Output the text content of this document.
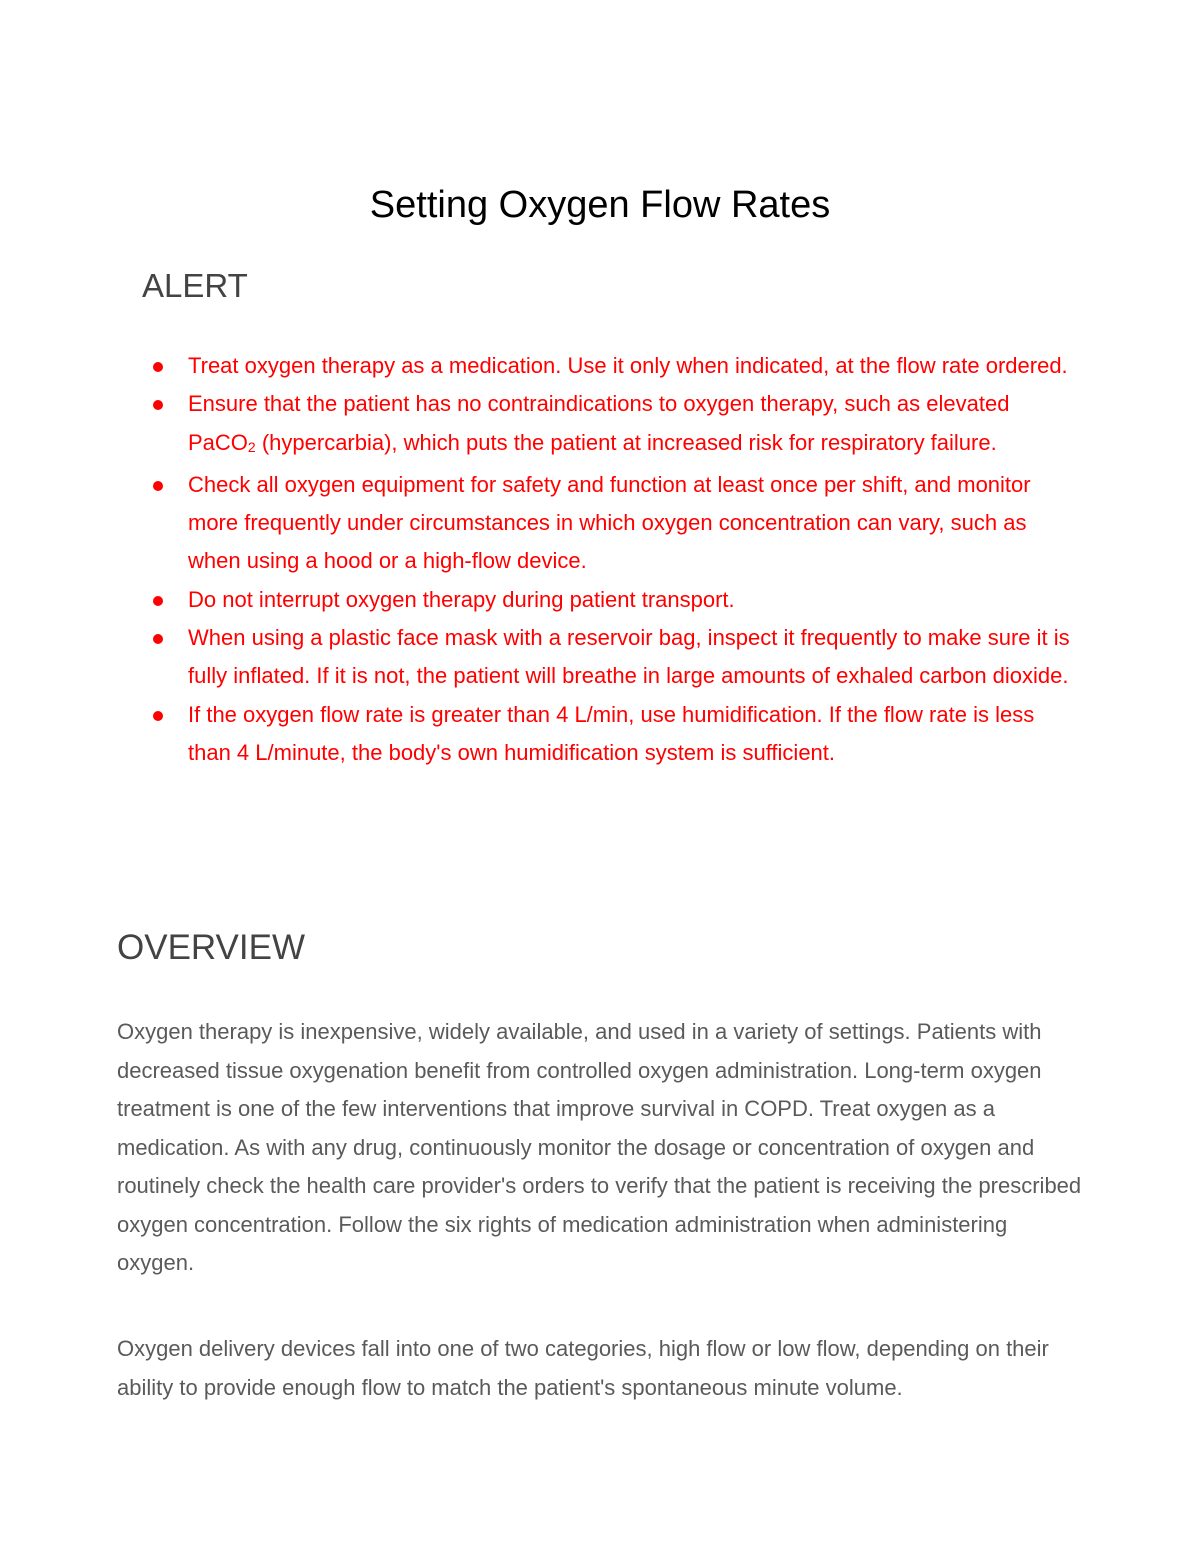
Setting Oxygen Flow Rates
ALERT
Treat oxygen therapy as a medication. Use it only when indicated, at the flow rate ordered.
Ensure that the patient has no contraindications to oxygen therapy, such as elevated PaCO2 (hypercarbia), which puts the patient at increased risk for respiratory failure.
Check all oxygen equipment for safety and function at least once per shift, and monitor more frequently under circumstances in which oxygen concentration can vary, such as when using a hood or a high-flow device.
Do not interrupt oxygen therapy during patient transport.
When using a plastic face mask with a reservoir bag, inspect it frequently to make sure it is fully inflated. If it is not, the patient will breathe in large amounts of exhaled carbon dioxide.
If the oxygen flow rate is greater than 4 L/min, use humidification. If the flow rate is less than 4 L/minute, the body's own humidification system is sufficient.
OVERVIEW

Oxygen therapy is inexpensive, widely available, and used in a variety of settings. Patients with decreased tissue oxygenation benefit from controlled oxygen administration. Long-term oxygen treatment is one of the few interventions that improve survival in COPD. Treat oxygen as a medication. As with any drug, continuously monitor the dosage or concentration of oxygen and routinely check the health care provider's orders to verify that the patient is receiving the prescribed oxygen concentration. Follow the six rights of medication administration when administering oxygen.

Oxygen delivery devices fall into one of two categories, high flow or low flow, depending on their ability to provide enough flow to match the patient's spontaneous minute volume.
